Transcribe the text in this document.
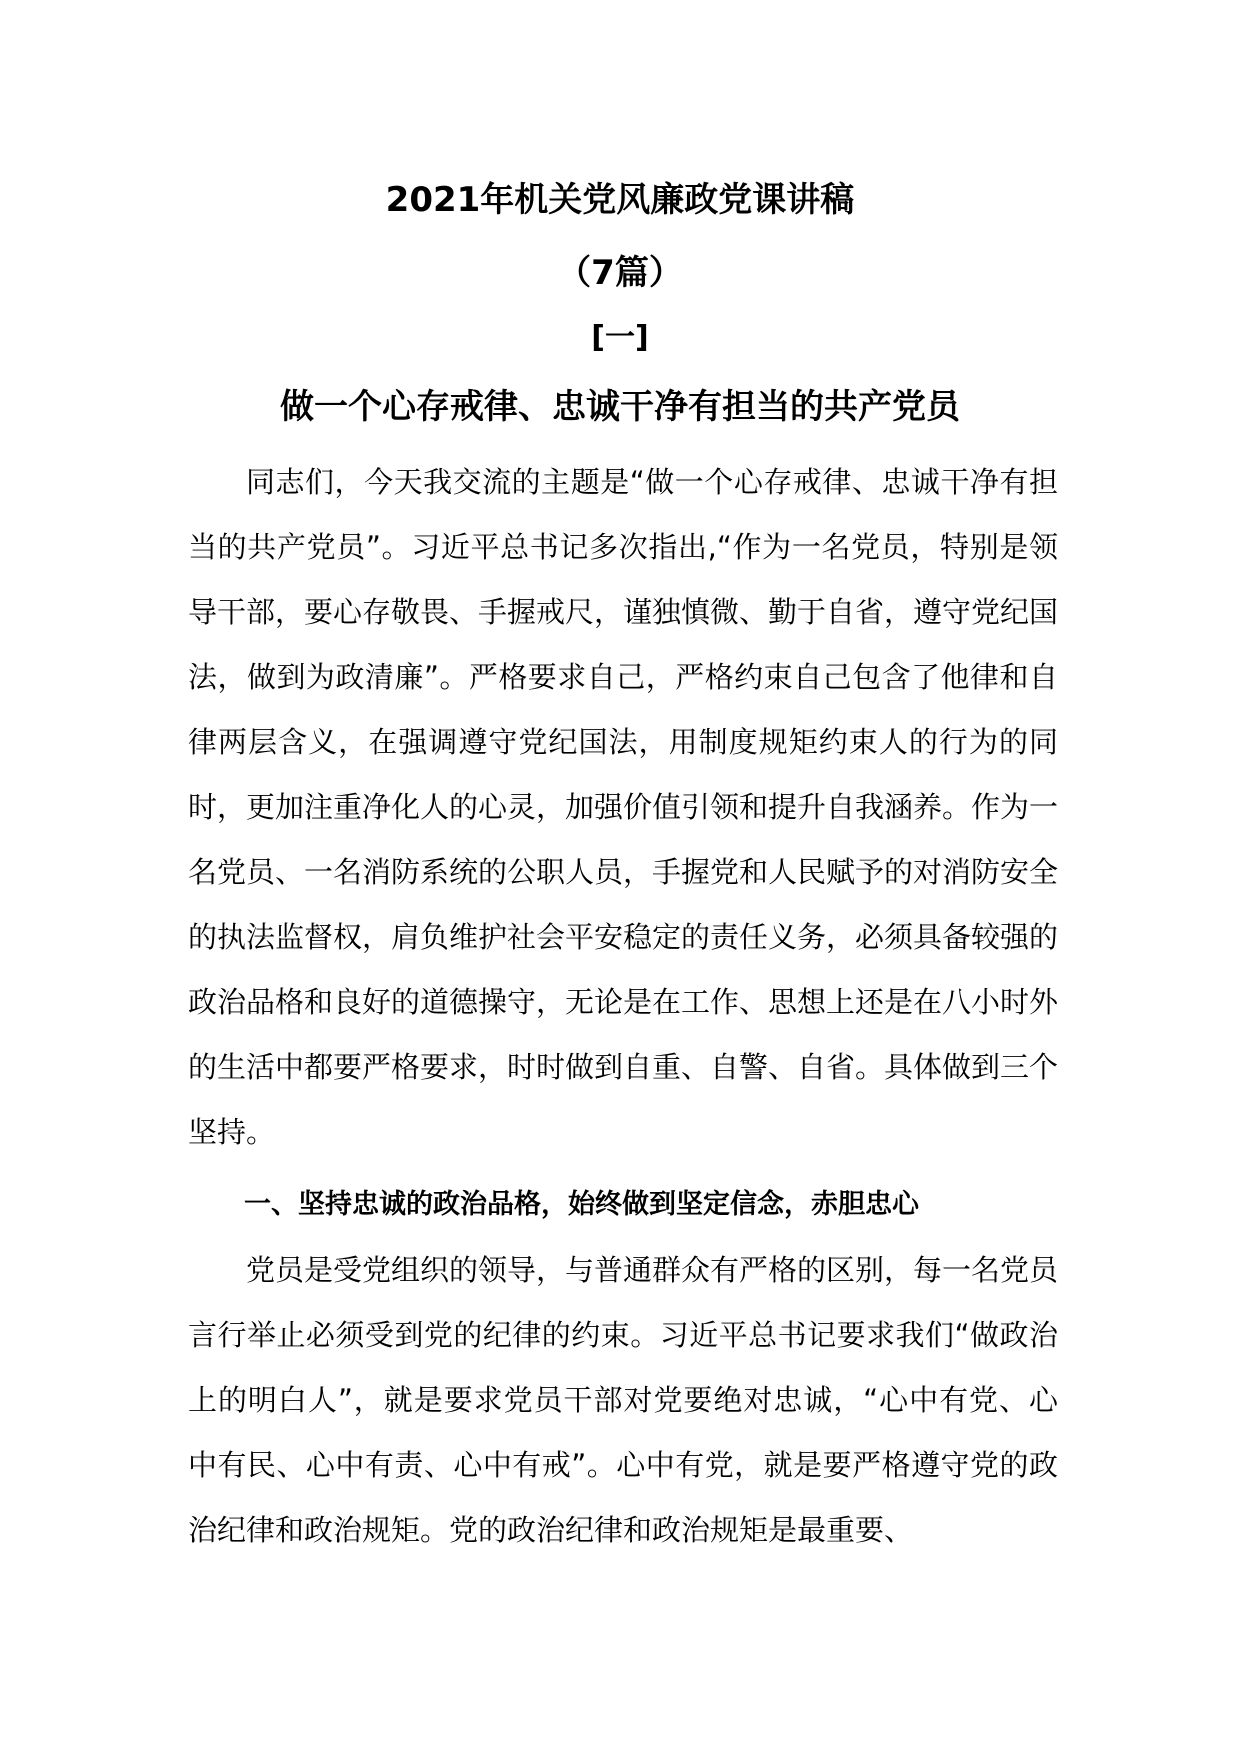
2021年机关党风廉政党课讲稿
（7篇）
[一]
做一个心存戒律、忠诚干净有担当的共产党员

同志们，今天我交流的主题是“做一个心存戒律、忠诚干净有担当的共产党员”。习近平总书记多次指出,“作为一名党员，特别是领导干部，要心存敬畏、手握戒尺，谨独慎微、勤于自省，遵守党纪国法，做到为政清廉”。严格要求自己，严格约束自己包含了他律和自律两层含义，在强调遵守党纪国法，用制度规矩约束人的行为的同时，更加注重净化人的心灵，加强价值引领和提升自我涵养。作为一名党员、一名消防系统的公职人员，手握党和人民赋予的对消防安全的执法监督权，肩负维护社会平安稳定的责任义务，必须具备较强的政治品格和良好的道德操守，无论是在工作、思想上还是在八小时外的生活中都要严格要求，时时做到自重、自警、自省。具体做到三个坚持。

一、坚持忠诚的政治品格，始终做到坚定信念，赤胆忠心

党员是受党组织的领导，与普通群众有严格的区别，每一名党员言行举止必须受到党的纪律的约束。习近平总书记要求我们“做政治上的明白人”，就是要求党员干部对党要绝对忠诚，“心中有党、心中有民、心中有责、心中有戒”。心中有党，就是要严格遵守党的政治纪律和政治规矩。党的政治纪律和政治规矩是最重要、
